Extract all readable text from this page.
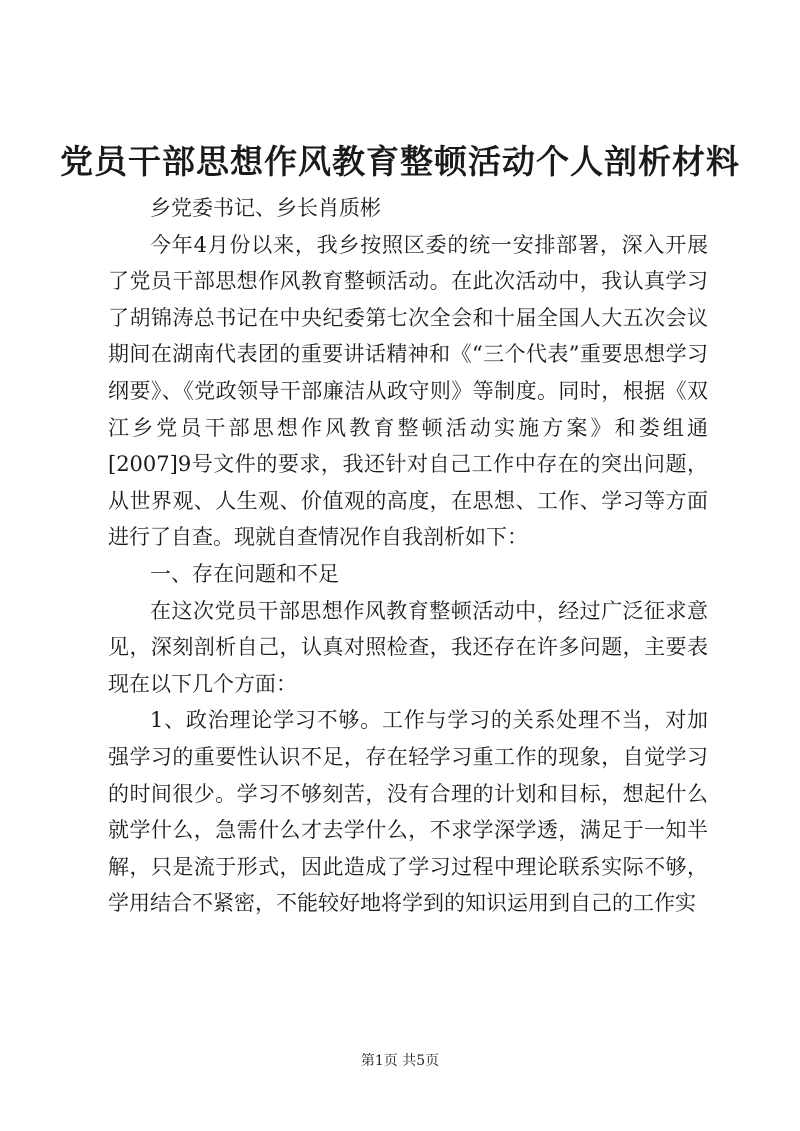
党员干部思想作风教育整顿活动个人剖析材料

乡党委书记、乡长肖质彬

今年4月份以来，我乡按照区委的统一安排部署，深入开展了党员干部思想作风教育整顿活动。在此次活动中，我认真学习了胡锦涛总书记在中央纪委第七次全会和十届全国人大五次会议期间在湖南代表团的重要讲话精神和《“三个代表”重要思想学习纲要》、《党政领导干部廉洁从政守则》等制度。同时，根据《双江乡党员干部思想作风教育整顿活动实施方案》和娄组通[2007]9号文件的要求，我还针对自己工作中存在的突出问题，从世界观、人生观、价值观的高度，在思想、工作、学习等方面进行了自查。现就自查情况作自我剖析如下：

一、存在问题和不足

在这次党员干部思想作风教育整顿活动中，经过广泛征求意见，深刻剖析自己，认真对照检查，我还存在许多问题，主要表现在以下几个方面：

1、政治理论学习不够。工作与学习的关系处理不当，对加强学习的重要性认识不足，存在轻学习重工作的现象，自觉学习的时间很少。学习不够刻苦，没有合理的计划和目标，想起什么就学什么，急需什么才去学什么，不求学深学透，满足于一知半解，只是流于形式，因此造成了学习过程中理论联系实际不够，学用结合不紧密，不能较好地将学到的知识运用到自己的工作实

第1页 共5页
